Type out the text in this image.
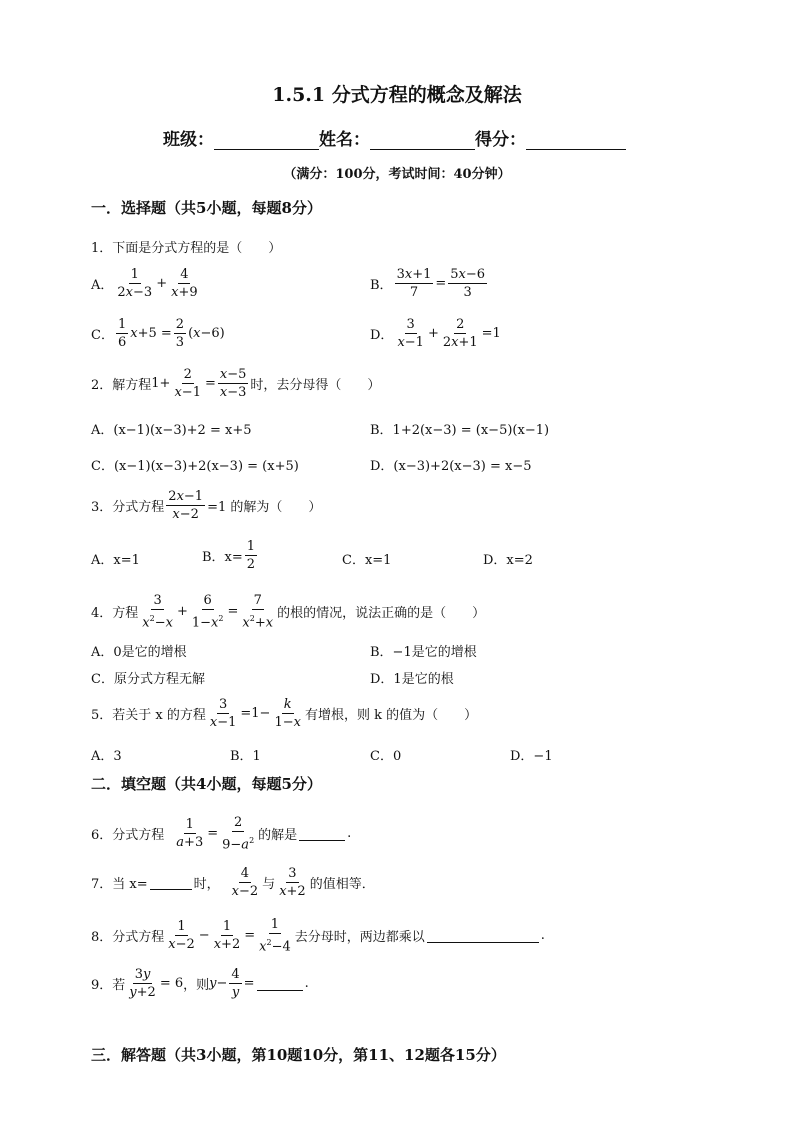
1.5.1 分式方程的概念及解法
班级：	姓名：	得分：
（满分：100分，考试时间：40分钟）
一．选择题（共5小题，每题8分）
1．下面是分式方程的是（　　）
A． $\frac{1}{2x-3} + \frac{4}{x+9}$	B． $\frac{3x+1}{7} = \frac{5x-6}{3}$
C． $\frac{1}{6} x+5 = \frac{2}{3} (x-6)$	D． $\frac{3}{x-1} + \frac{2}{2x+1} =1$
2．解方程 $1+ \frac{2}{x-1} = \frac{x-5}{x-3}$ 时，去分母得（　　）
A．(x−1)(x−3)+2 = x+5	B．1+2(x−3) = (x−5)(x−1)
C．(x−1)(x−3)+2(x−3) = (x+5)	D．(x−3)+2(x−3) = x−5
3．分式方程 $\frac{2x-1}{x-2} =1$ 的解为（　　）
A．x=1	B．$x= \frac{1}{2}$	C．x=1	D．x=2
4．方程 $\frac{3}{x^2-x} + \frac{6}{1-x^2} = \frac{7}{x^2+x}$ 的根的情况，说法正确的是（　　）
A．0是它的增根	B．−1是它的增根
C．原分式方程无解	D．1是它的根
5．若关于 x 的方程 $\frac{3}{x-1} =1- \frac{k}{1-x}$ 有增根，则 k 的值为（　　）
A．3	B．1	C．0	D．−1
二．填空题（共4小题，每题5分）
6．分式方程 $\frac{1}{a+3} = \frac{2}{9-a^2}$ 的解是	.
7．当 x=	时， $\frac{4}{x-2}$ 与 $\frac{3}{x+2}$ 的值相等．
8．分式方程 $\frac{1}{x-2} - \frac{1}{x+2} = \frac{1}{x^2-4}$ 去分母时，两边都乘以	.
9．若 $\frac{3y}{y+2} = 6$ ，则 $y- \frac{4}{y}$ =	.
三．解答题（共3小题，第10题10分，第11、12题各15分）
